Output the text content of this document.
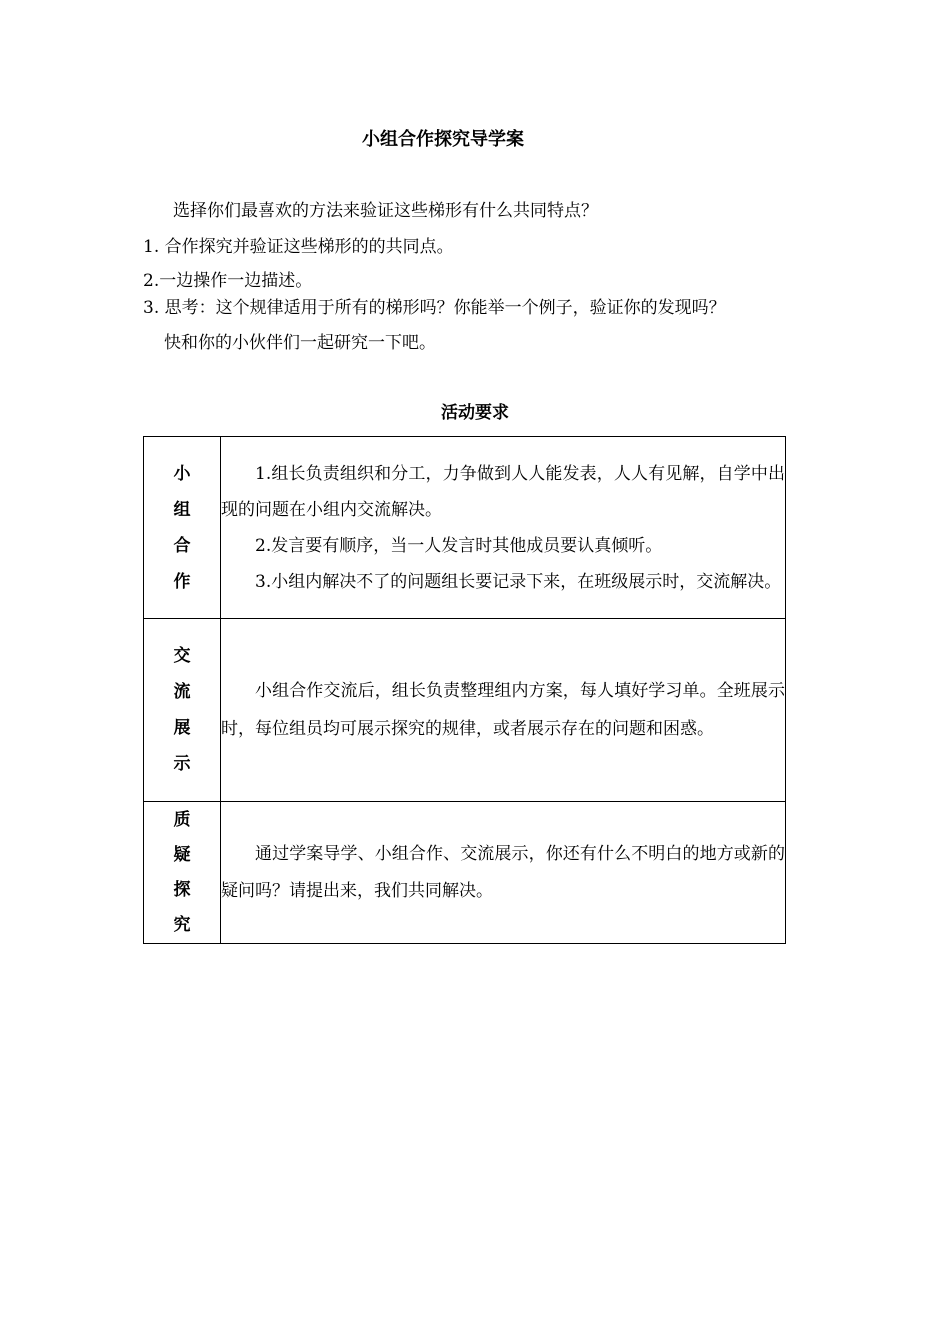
小组合作探究导学案

选择你们最喜欢的方法来验证这些梯形有什么共同特点？

1. 合作探究并验证这些梯形的的共同点。

2.一边操作一边描述。

3. 思考：这个规律适用于所有的梯形吗？你能举一个例子，验证你的发现吗？

快和你的小伙伴们一起研究一下吧。

活动要求
小组合作	1.组长负责组织和分工，力争做到人人能发表，人人有见解，自学中出现的问题在小组内交流解决。

2.发言要有顺序，当一人发言时其他成员要认真倾听。

3.小组内解决不了的问题组长要记录下来，在班级展示时，交流解决。

交流展示	小组合作交流后，组长负责整理组内方案，每人填好学习单。全班展示时，每位组员均可展示探究的规律，或者展示存在的问题和困惑。

质疑探究	通过学案导学、小组合作、交流展示，你还有什么不明白的地方或新的疑问吗？请提出来，我们共同解决。
